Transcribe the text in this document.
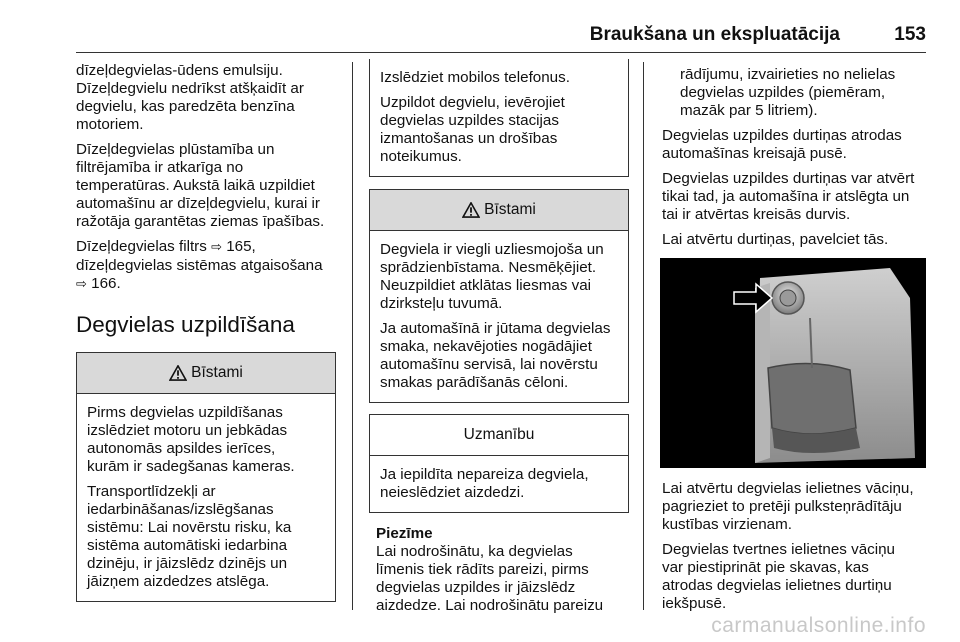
Braukšana un ekspluatācija	153

dīzeļdegvielas-ūdens emulsiju.
Dīzeļdegvielu nedrīkst atšķaidīt ar
degvielu, kas paredzēta benzīna
motoriem.

Dīzeļdegvielas plūstamība un
filtrējamība ir atkarīga no
temperatūras. Aukstā laikā uzpildiet
automašīnu ar dīzeļdegvielu, kurai ir
ražotāja garantētas ziemas īpašības.

Dīzeļdegvielas filtrs ⇨ 165,
dīzeļdegvielas sistēmas atgaisošana
⇨ 166.

Degvielas uzpildīšana
Bīstami

Pirms degvielas uzpildīšanas
izslēdziet motoru un jebkādas
autonomās apsildes ierīces,
kurām ir sadegšanas kameras.

Transportlīdzekļi ar
iedarbināšanas/izslēgšanas
sistēmu: Lai novērstu risku, ka
sistēma automātiski iedarbina
dzinēju, ir jāizslēdz dzinējs un
jāizņem aizdedzes atslēga.

Izslēdziet mobilos telefonus.

Uzpildot degvielu, ievērojiet
degvielas uzpildes stacijas
izmantošanas un drošības
noteikumus.

Bīstami

Degviela ir viegli uzliesmojoša un
sprādzienbīstama. Nesmēķējiet.
Neuzpildiet atklātas liesmas vai
dzirksteļu tuvumā.

Ja automašīnā ir jūtama degvielas
smaka, nekavējoties nogādājiet
automašīnu servisā, lai novērstu
smakas parādīšanās cēloni.

Uzmanību

Ja iepildīta nepareiza degviela,
neieslēdziet aizdedzi.

Piezīme
Lai nodrošinātu, ka degvielas
līmenis tiek rādīts pareizi, pirms
degvielas uzpildes ir jāizslēdz
aizdedze. Lai nodrošinātu pareizu

rādījumu, izvairieties no nelielas
degvielas uzpildes (piemēram,
mazāk par 5 litriem).

Degvielas uzpildes durtiņas atrodas
automašīnas kreisajā pusē.

Degvielas uzpildes durtiņas var atvērt
tikai tad, ja automašīna ir atslēgta un
tai ir atvērtas kreisās durvis.

Lai atvērtu durtiņas, pavelciet tās.

Lai atvērtu degvielas ielietnes vāciņu,
pagrieziet to pretēji pulksteņrādītāju
kustības virzienam.

Degvielas tvertnes ielietnes vāciņu
var piestiprināt pie skavas, kas
atrodas degvielas ielietnes durtiņu
iekšpusē.

carmanualsonline.info
